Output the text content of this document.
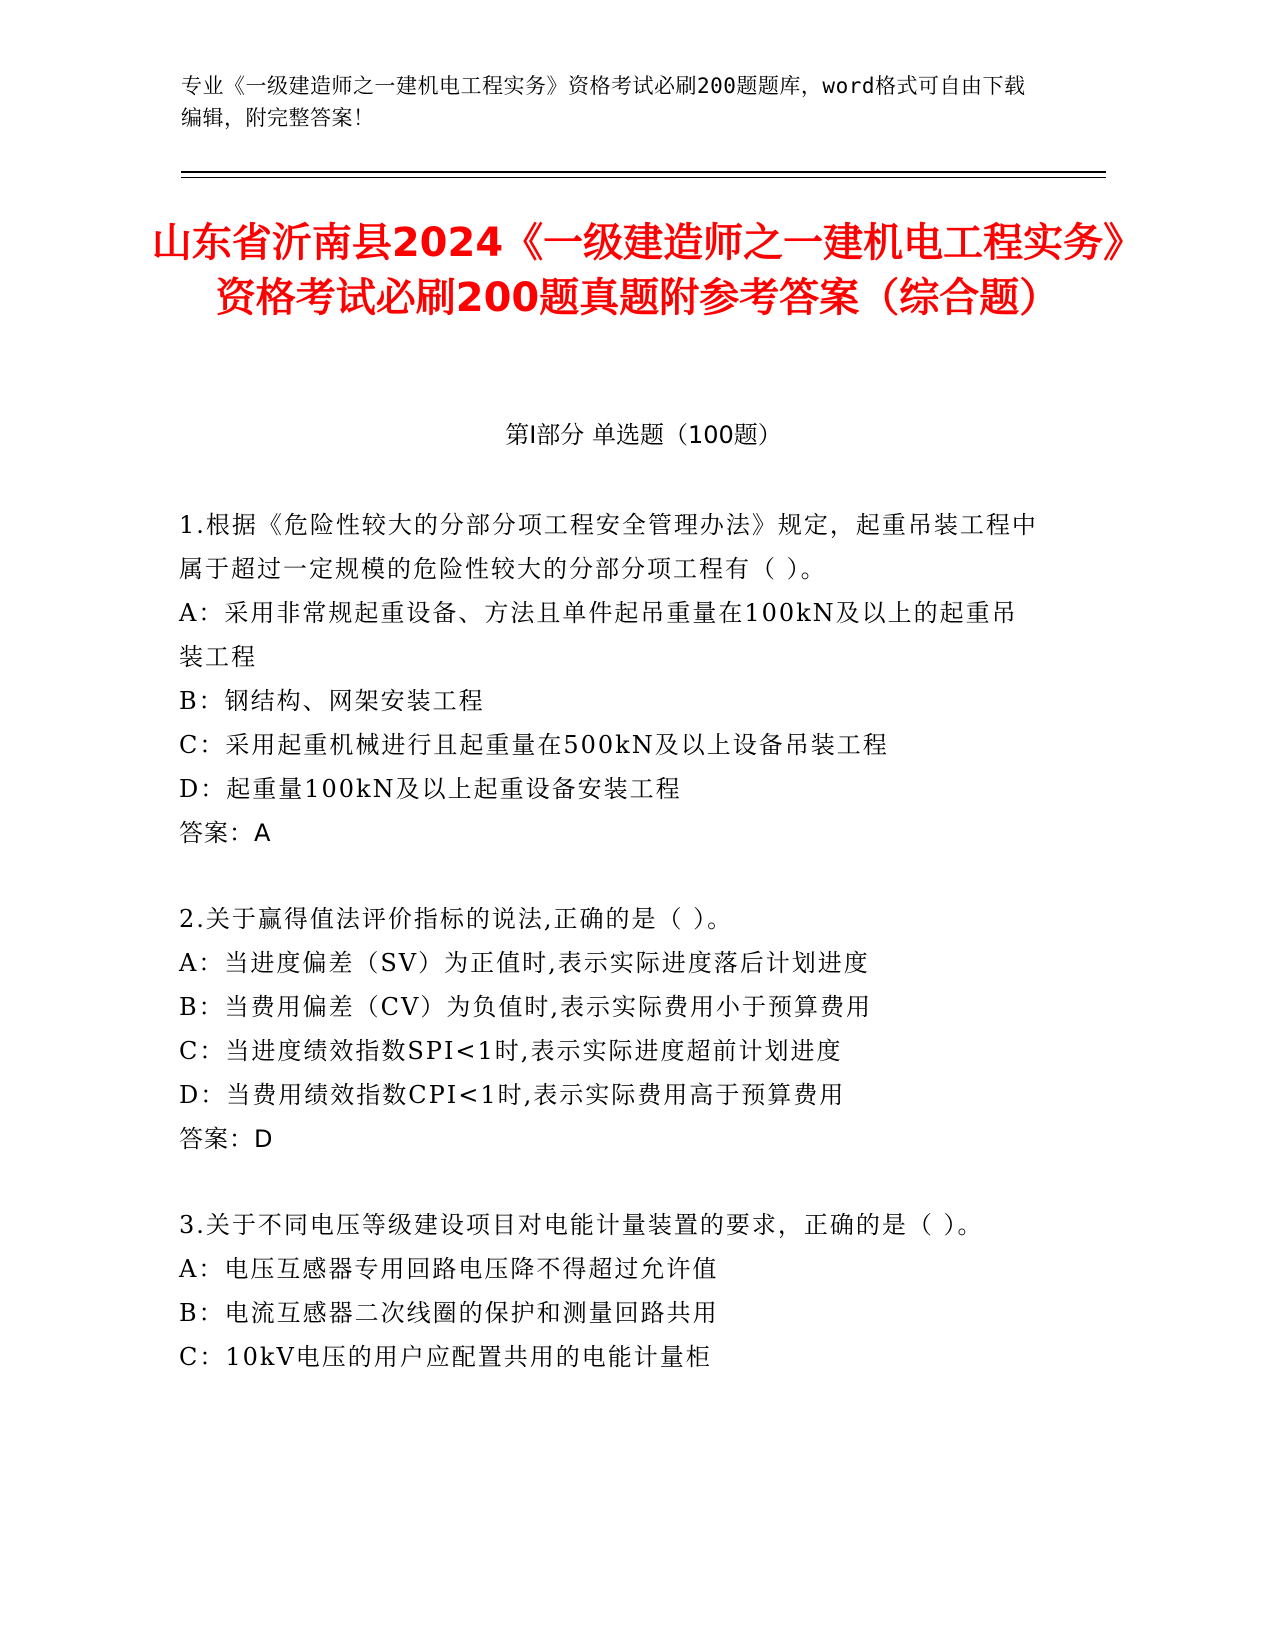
专业《一级建造师之一建机电工程实务》资格考试必刷200题题库，word格式可自由下载编辑，附完整答案！
山东省沂南县2024《一级建造师之一建机电工程实务》资格考试必刷200题真题附参考答案（综合题）
第I部分 单选题（100题）
1.根据《危险性较大的分部分项工程安全管理办法》规定，起重吊装工程中属于超过一定规模的危险性较大的分部分项工程有（ ）。
A：采用非常规起重设备、方法且单件起吊重量在100kN及以上的起重吊装工程
B：钢结构、网架安装工程
C：采用起重机械进行且起重量在500kN及以上设备吊装工程
D：起重量100kN及以上起重设备安装工程
答案：A
2.关于赢得值法评价指标的说法,正确的是（ ）。
A：当进度偏差（SV）为正值时,表示实际进度落后计划进度
B：当费用偏差（CV）为负值时,表示实际费用小于预算费用
C：当进度绩效指数SPI<1时,表示实际进度超前计划进度
D：当费用绩效指数CPI<1时,表示实际费用高于预算费用
答案：D
3.关于不同电压等级建设项目对电能计量装置的要求，正确的是（ ）。
A：电压互感器专用回路电压降不得超过允许值
B：电流互感器二次线圈的保护和测量回路共用
C：10kV电压的用户应配置共用的电能计量柜
